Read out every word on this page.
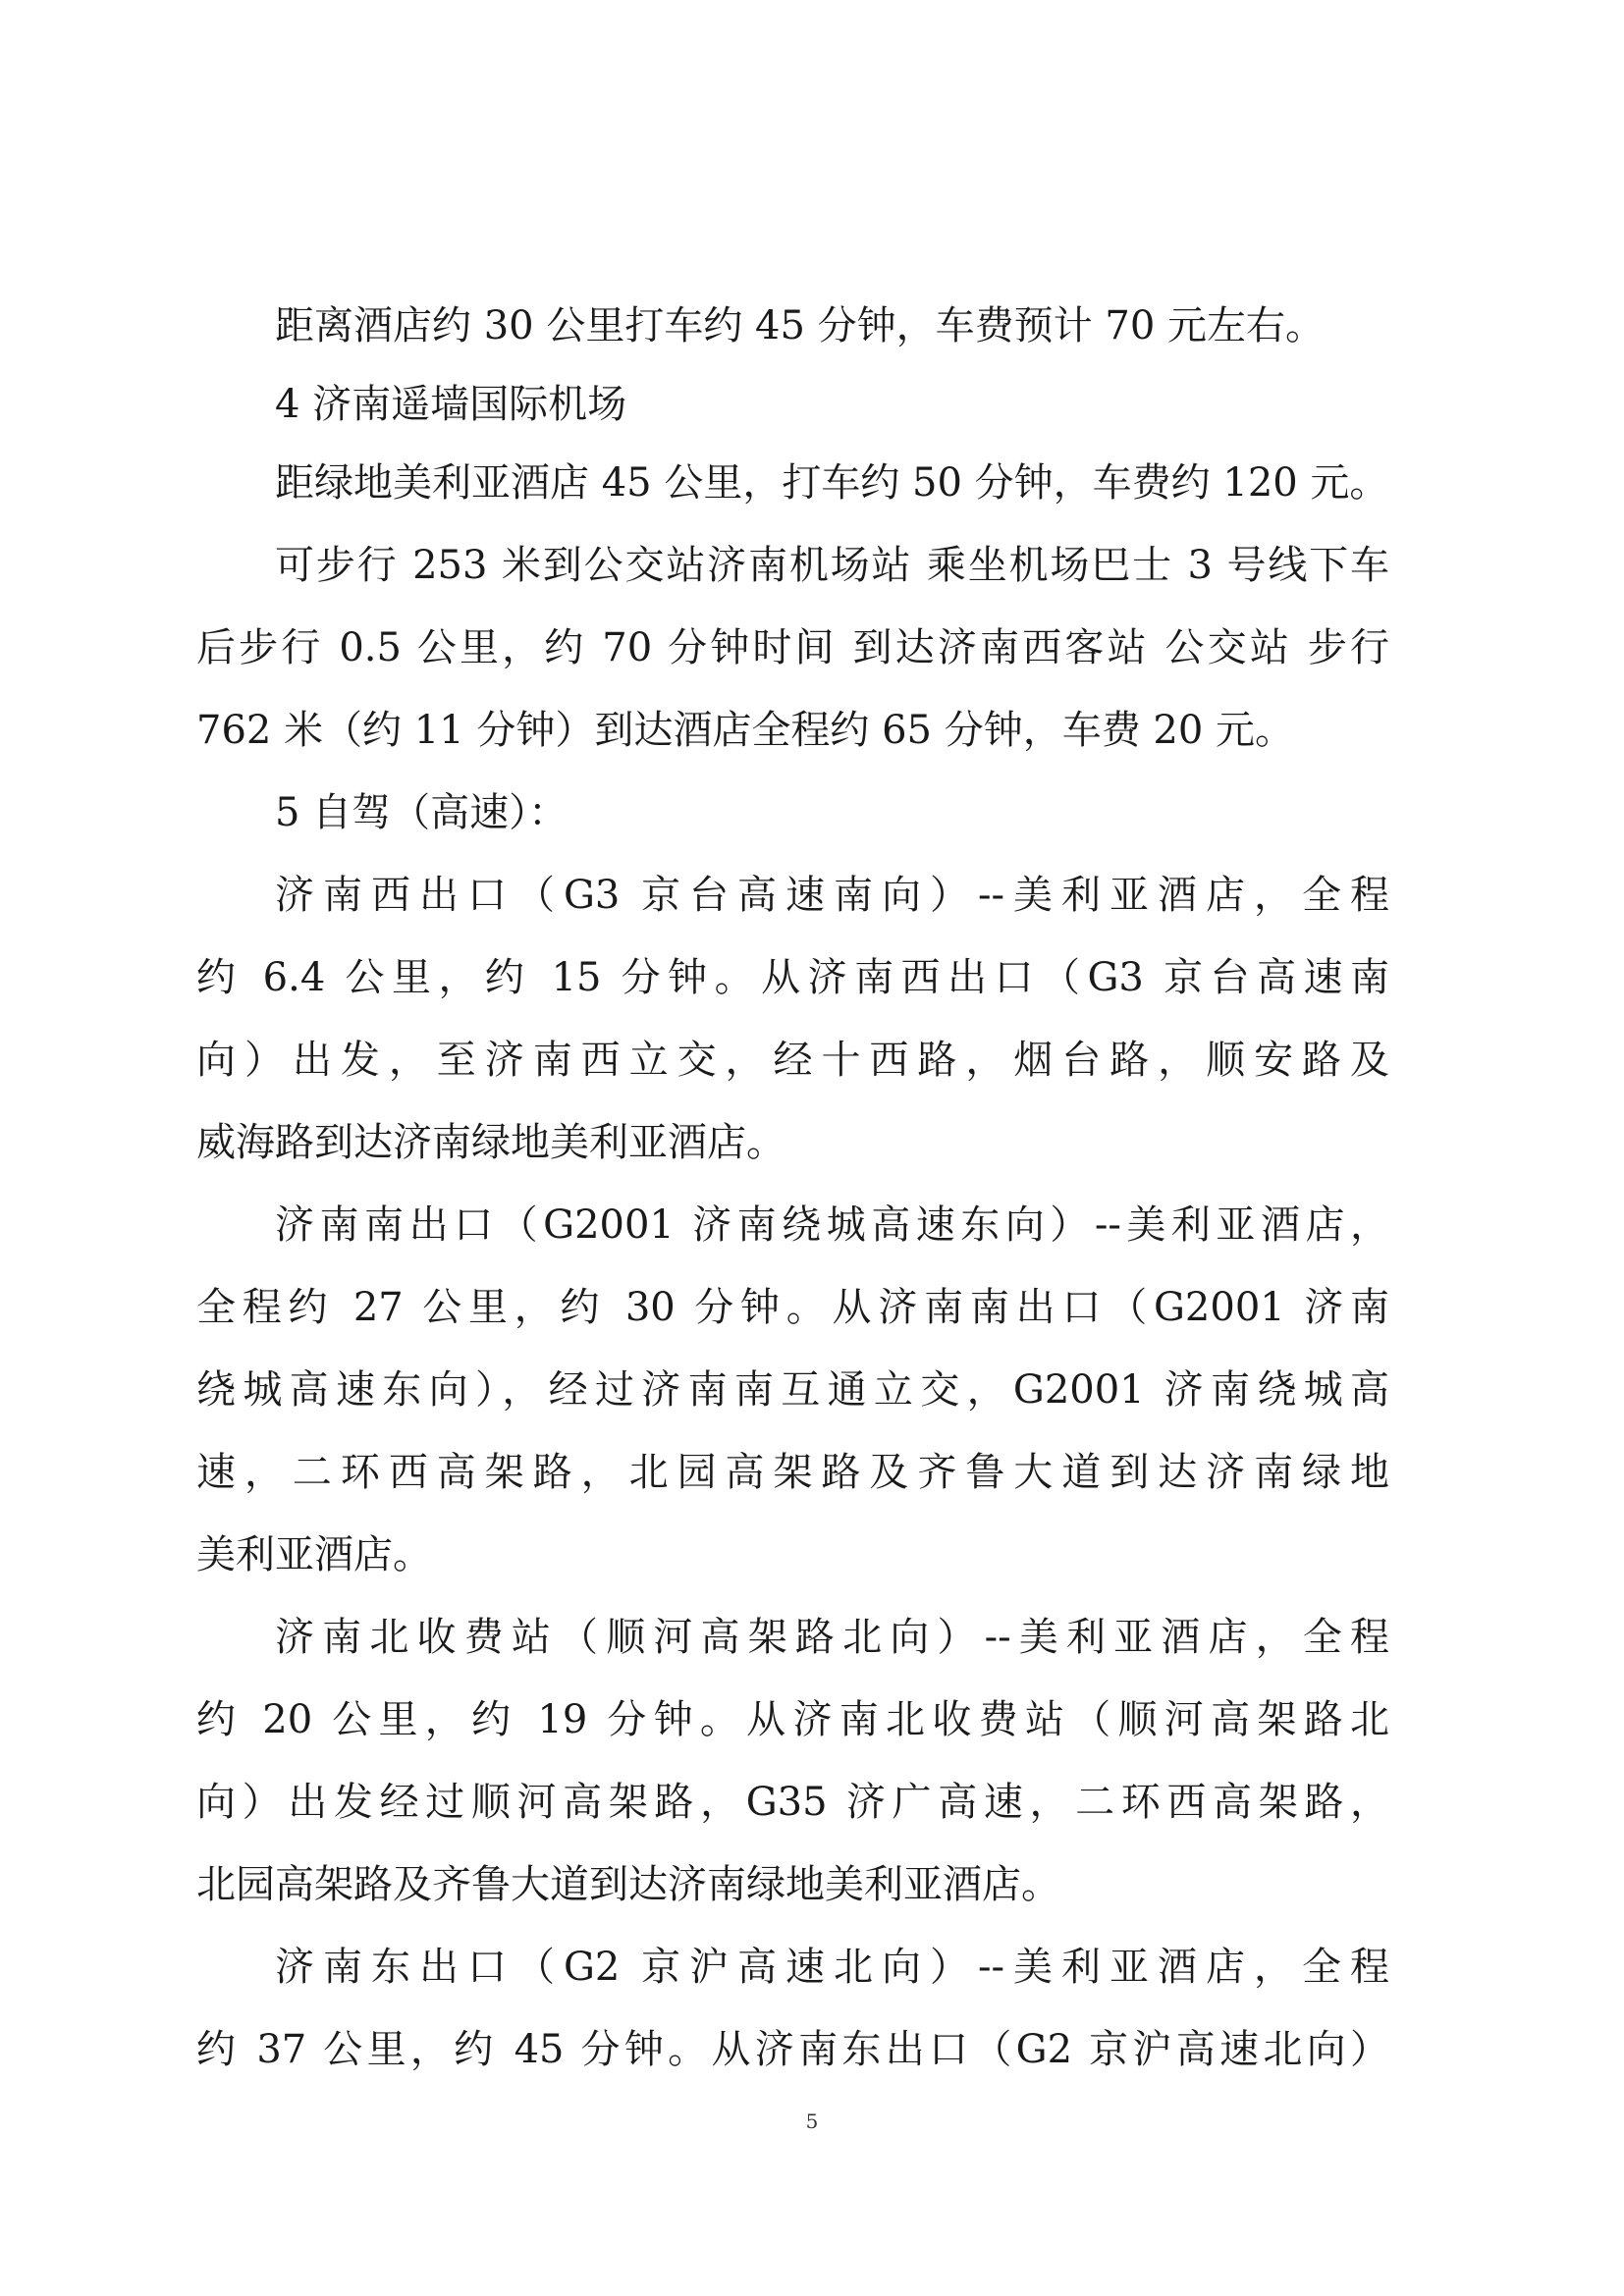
距离酒店约 30 公里打车约 45 分钟，车费预计 70 元左右。

4 济南遥墙国际机场

距绿地美利亚酒店 45 公里，打车约 50 分钟，车费约 120 元。

可步行 253 米到公交站济南机场站 乘坐机场巴士 3 号线下车

后步行 0.5 公里，约 70 分钟时间 到达济南西客站 公交站 步行

762 米（约 11 分钟）到达酒店全程约 65 分钟，车费 20 元。

5 自驾（高速）：

济南西出口（G3 京台高速南向）--美利亚酒店，全程

约 6.4 公里，约 15 分钟。从济南西出口（G3 京台高速南

向）出发，至济南西立交，经十西路，烟台路，顺安路及

威海路到达济南绿地美利亚酒店。

济南南出口（G2001 济南绕城高速东向）--美利亚酒店，

全程约 27 公里，约 30 分钟。从济南南出口（G2001 济南

绕城高速东向），经过济南南互通立交，G2001 济南绕城高

速，二环西高架路，北园高架路及齐鲁大道到达济南绿地

美利亚酒店。

济南北收费站（顺河高架路北向）--美利亚酒店，全程

约 20 公里，约 19 分钟。从济南北收费站（顺河高架路北

向）出发经过顺河高架路，G35 济广高速，二环西高架路，

北园高架路及齐鲁大道到达济南绿地美利亚酒店。

济南东出口（G2 京沪高速北向）--美利亚酒店，全程

约 37 公里，约 45 分钟。从济南东出口（G2 京沪高速北向）

5
